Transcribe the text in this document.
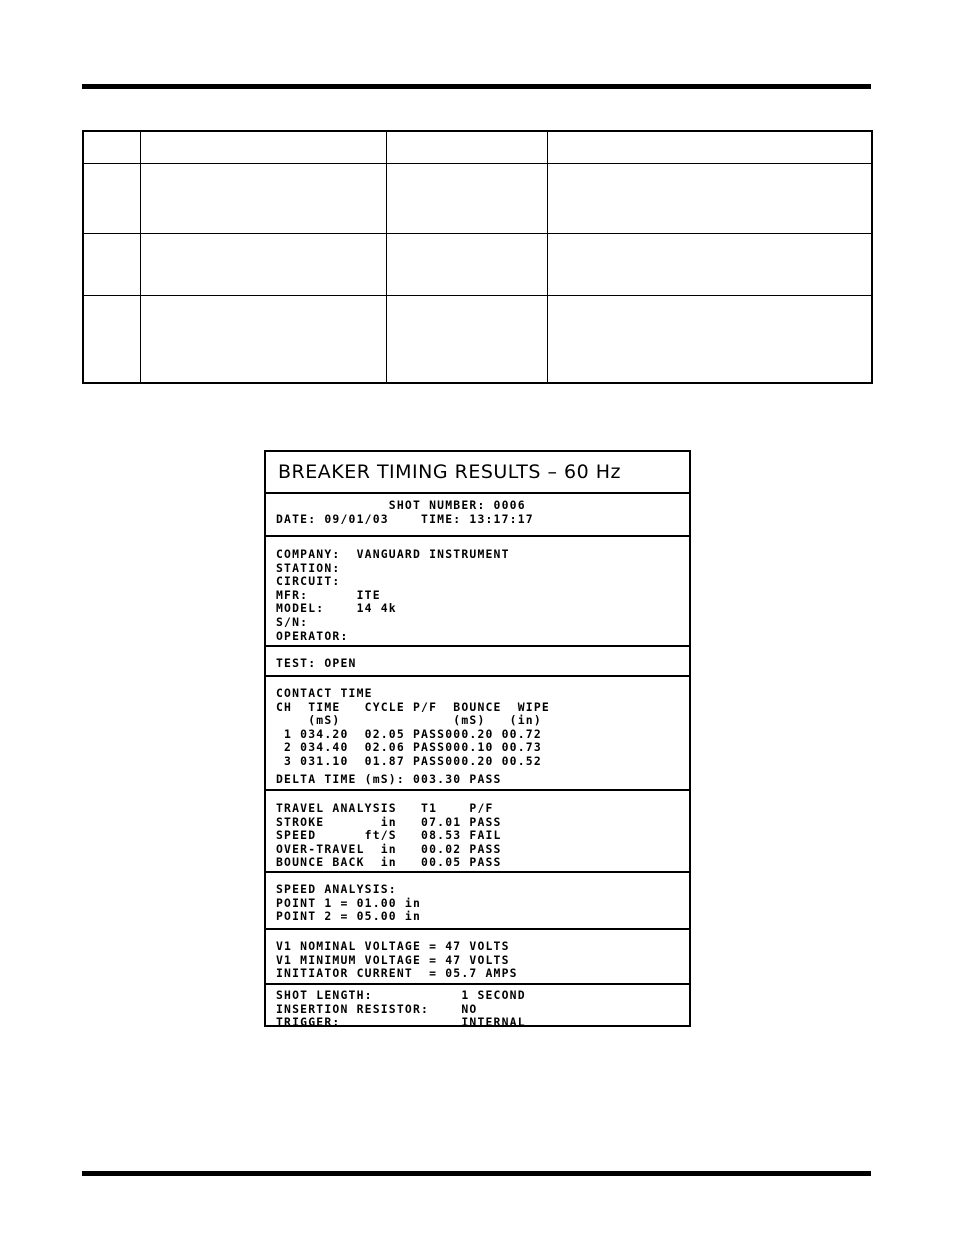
BREAKER TIMING RESULTS – 60 Hz
SHOT NUMBER: 0006
DATE: 09/01/03    TIME: 13:17:17
COMPANY:  VANGUARD INSTRUMENT
STATION:
CIRCUIT:
MFR:      ITE
MODEL:    14 4k
S/N:
OPERATOR:
TEST: OPEN
CONTACT TIME
CH  TIME   CYCLE P/F  BOUNCE  WIPE
(mS)              (mS)   (in)
1 034.20  02.05 PASS000.20 00.72
2 034.40  02.06 PASS000.10 00.73
3 031.10  01.87 PASS000.20 00.52
DELTA TIME (mS): 003.30 PASS
TRAVEL ANALYSIS   T1    P/F
STROKE       in   07.01 PASS
SPEED      ft/S   08.53 FAIL
OVER-TRAVEL  in   00.02 PASS
BOUNCE BACK  in   00.05 PASS
SPEED ANALYSIS:
POINT 1 = 01.00 in
POINT 2 = 05.00 in
V1 NOMINAL VOLTAGE = 47 VOLTS
V1 MINIMUM VOLTAGE = 47 VOLTS
INITIATOR CURRENT  = 05.7 AMPS
SHOT LENGTH:           1 SECOND
INSERTION RESISTOR:    NO
TRIGGER:               INTERNAL
